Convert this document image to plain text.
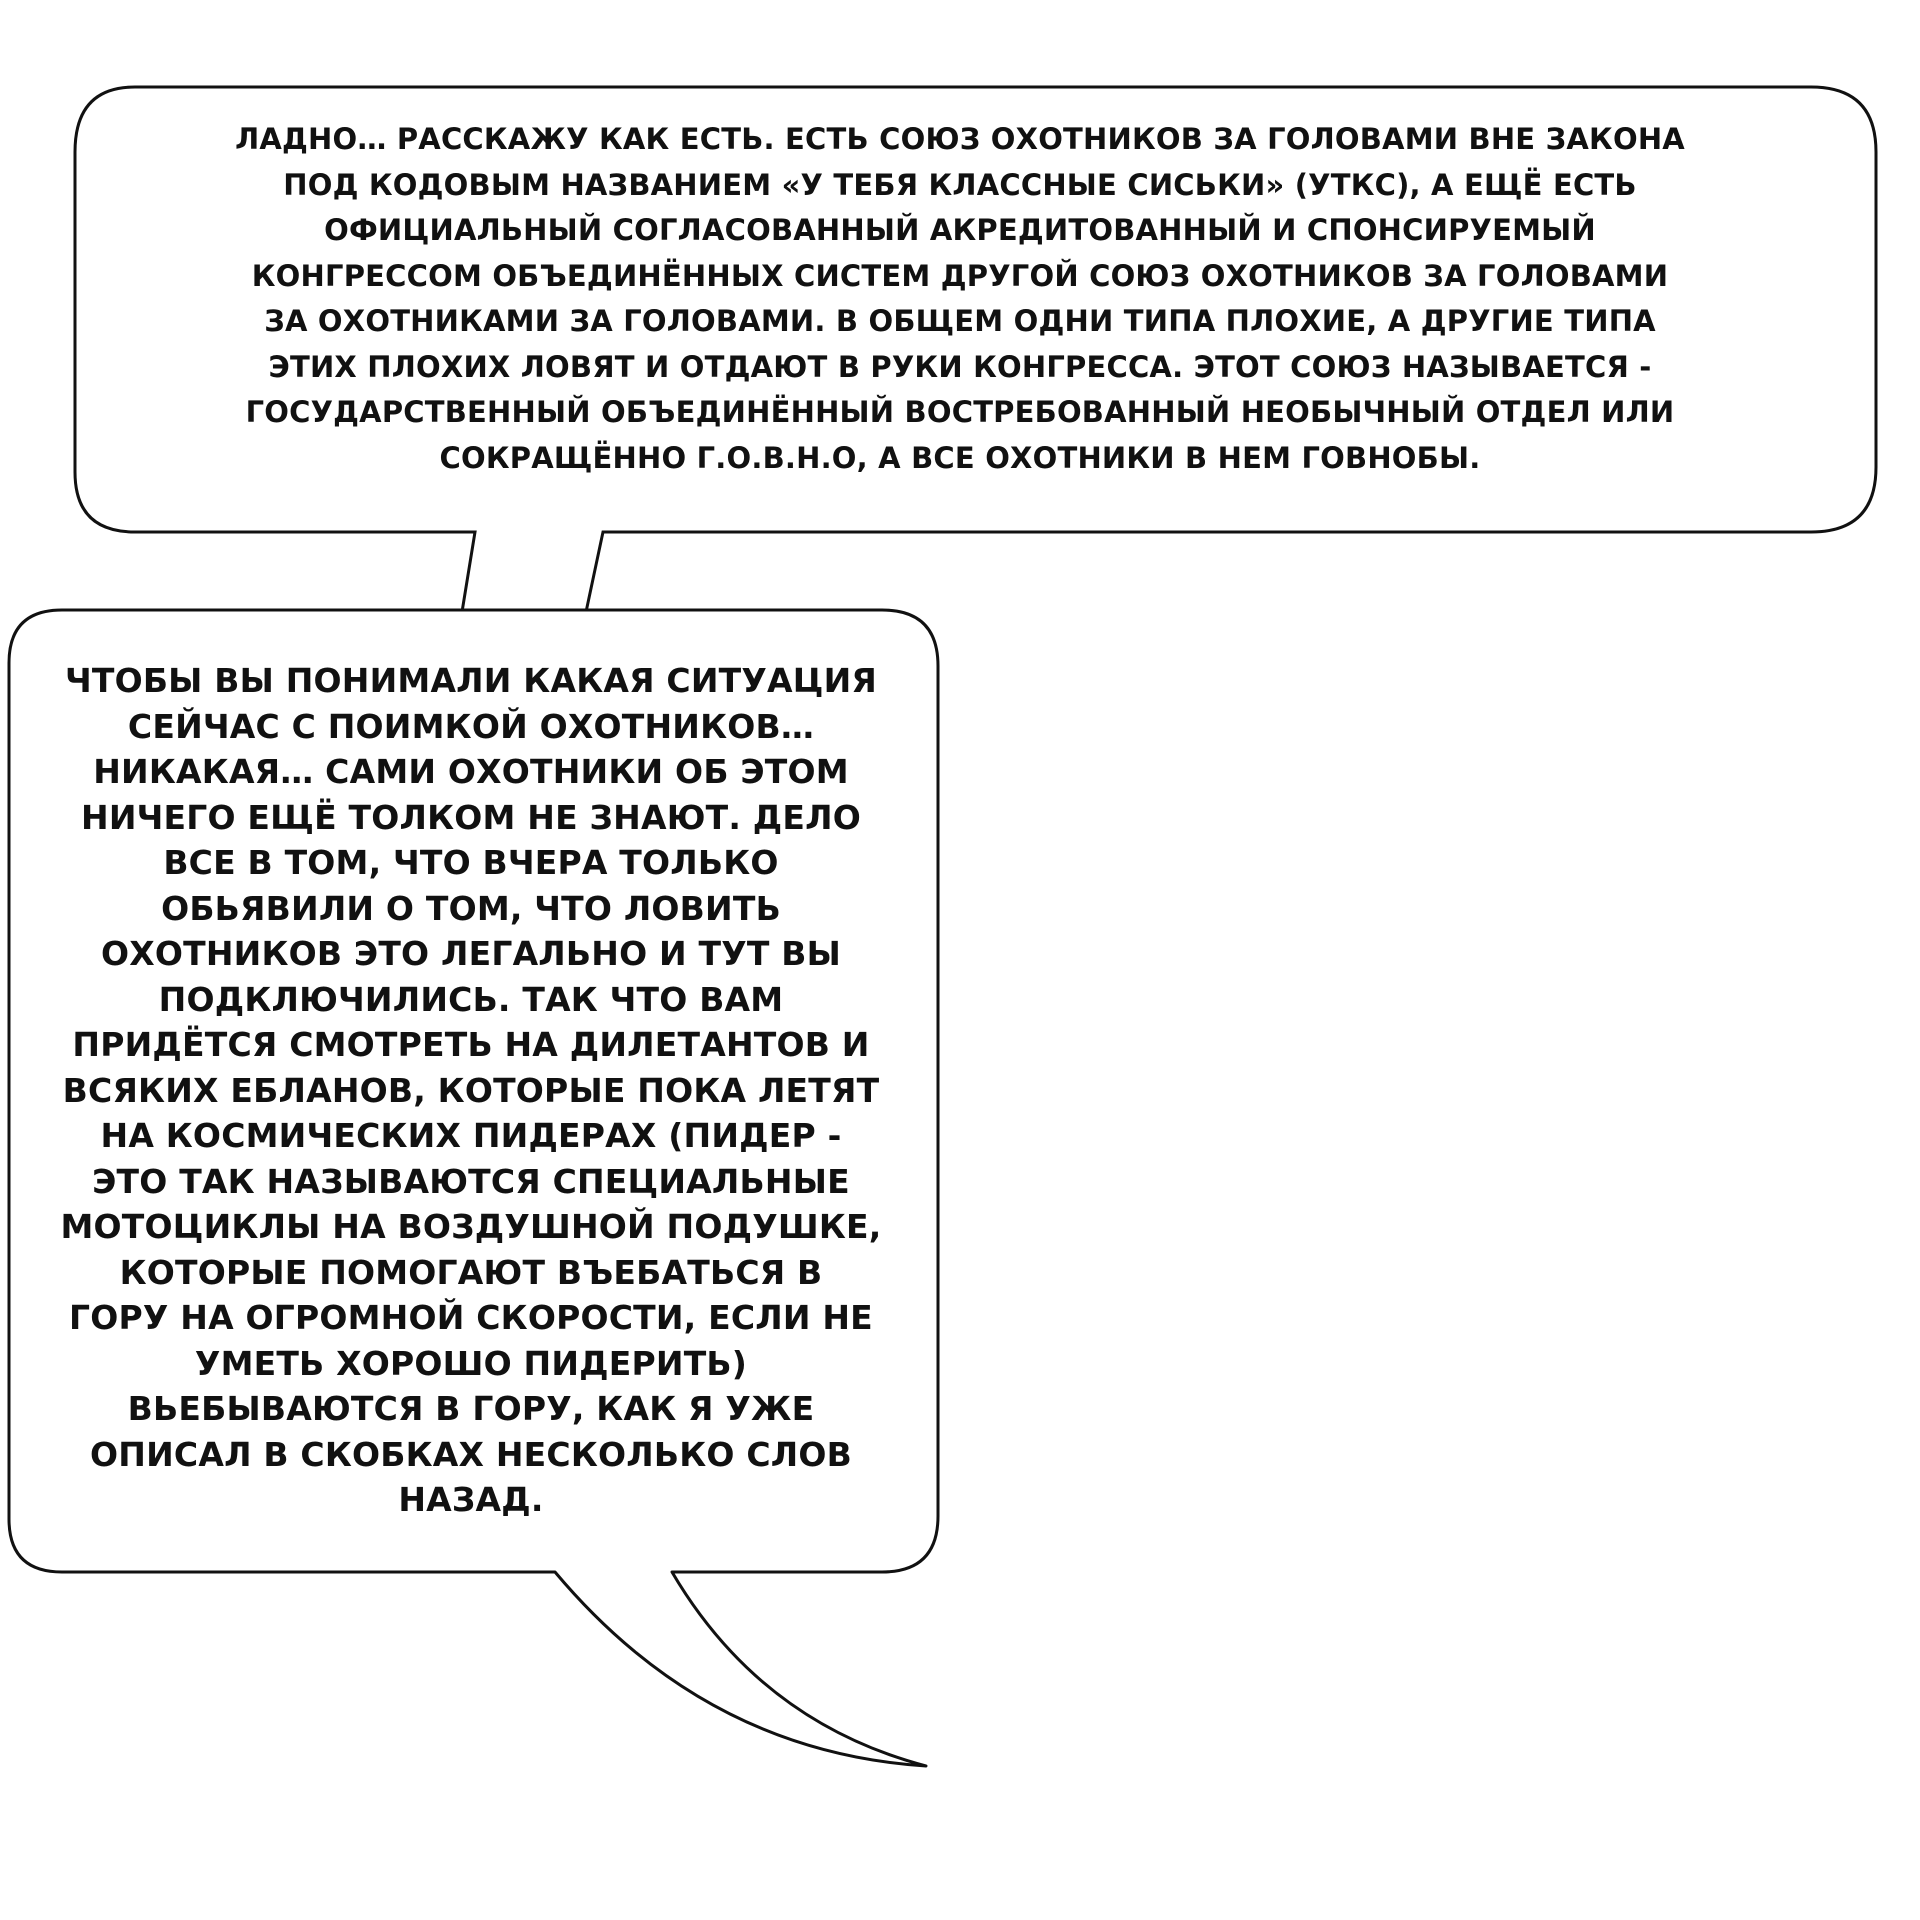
ЛАДНО… РАССКАЖУ КАК ЕСТЬ. ЕСТЬ СОЮЗ ОХОТНИКОВ ЗА ГОЛОВАМИ ВНЕ ЗАКОНА
ПОД КОДОВЫМ НАЗВАНИЕМ «У ТЕБЯ КЛАССНЫЕ СИСЬКИ» (УТКС), А ЕЩЁ ЕСТЬ
ОФИЦИАЛЬНЫЙ СОГЛАСОВАННЫЙ АКРЕДИТОВАННЫЙ И СПОНСИРУЕМЫЙ
КОНГРЕССОМ ОБЪЕДИНЁННЫХ СИСТЕМ ДРУГОЙ СОЮЗ ОХОТНИКОВ ЗА ГОЛОВАМИ
ЗА ОХОТНИКАМИ ЗА ГОЛОВАМИ. В ОБЩЕМ ОДНИ ТИПА ПЛОХИЕ, А ДРУГИЕ ТИПА
ЭТИХ ПЛОХИХ ЛОВЯТ И ОТДАЮТ В РУКИ КОНГРЕССА. ЭТОТ СОЮЗ НАЗЫВАЕТСЯ -
ГОСУДАРСТВЕННЫЙ ОБЪЕДИНЁННЫЙ ВОСТРЕБОВАННЫЙ НЕОБЫЧНЫЙ ОТДЕЛ ИЛИ
СОКРАЩЁННО Г.О.В.Н.О, А ВСЕ ОХОТНИКИ В НЕМ ГОВНОБЫ.
ЧТОБЫ ВЫ ПОНИМАЛИ КАКАЯ СИТУАЦИЯ
СЕЙЧАС С ПОИМКОЙ ОХОТНИКОВ…
НИКАКАЯ… САМИ ОХОТНИКИ ОБ ЭТОМ
НИЧЕГО ЕЩЁ ТОЛКОМ НЕ ЗНАЮТ. ДЕЛО
ВСЕ В ТОМ, ЧТО ВЧЕРА ТОЛЬКО
ОБЬЯВИЛИ О ТОМ, ЧТО ЛОВИТЬ
ОХОТНИКОВ ЭТО ЛЕГАЛЬНО И ТУТ ВЫ
ПОДКЛЮЧИЛИСЬ. ТАК ЧТО ВАМ
ПРИДЁТСЯ СМОТРЕТЬ НА ДИЛЕТАНТОВ И
ВСЯКИХ ЕБЛАНОВ, КОТОРЫЕ ПОКА ЛЕТЯТ
НА КОСМИЧЕСКИХ ПИДЕРАХ (ПИДЕР -
ЭТО ТАК НАЗЫВАЮТСЯ СПЕЦИАЛЬНЫЕ
МОТОЦИКЛЫ НА ВОЗДУШНОЙ ПОДУШКЕ,
КОТОРЫЕ ПОМОГАЮТ ВЪЕБАТЬСЯ В
ГОРУ НА ОГРОМНОЙ СКОРОСТИ, ЕСЛИ НЕ
УМЕТЬ ХОРОШО ПИДЕРИТЬ)
ВЬЕБЫВАЮТСЯ В ГОРУ, КАК Я УЖЕ
ОПИСАЛ В СКОБКАХ НЕСКОЛЬКО СЛОВ
НАЗАД.
